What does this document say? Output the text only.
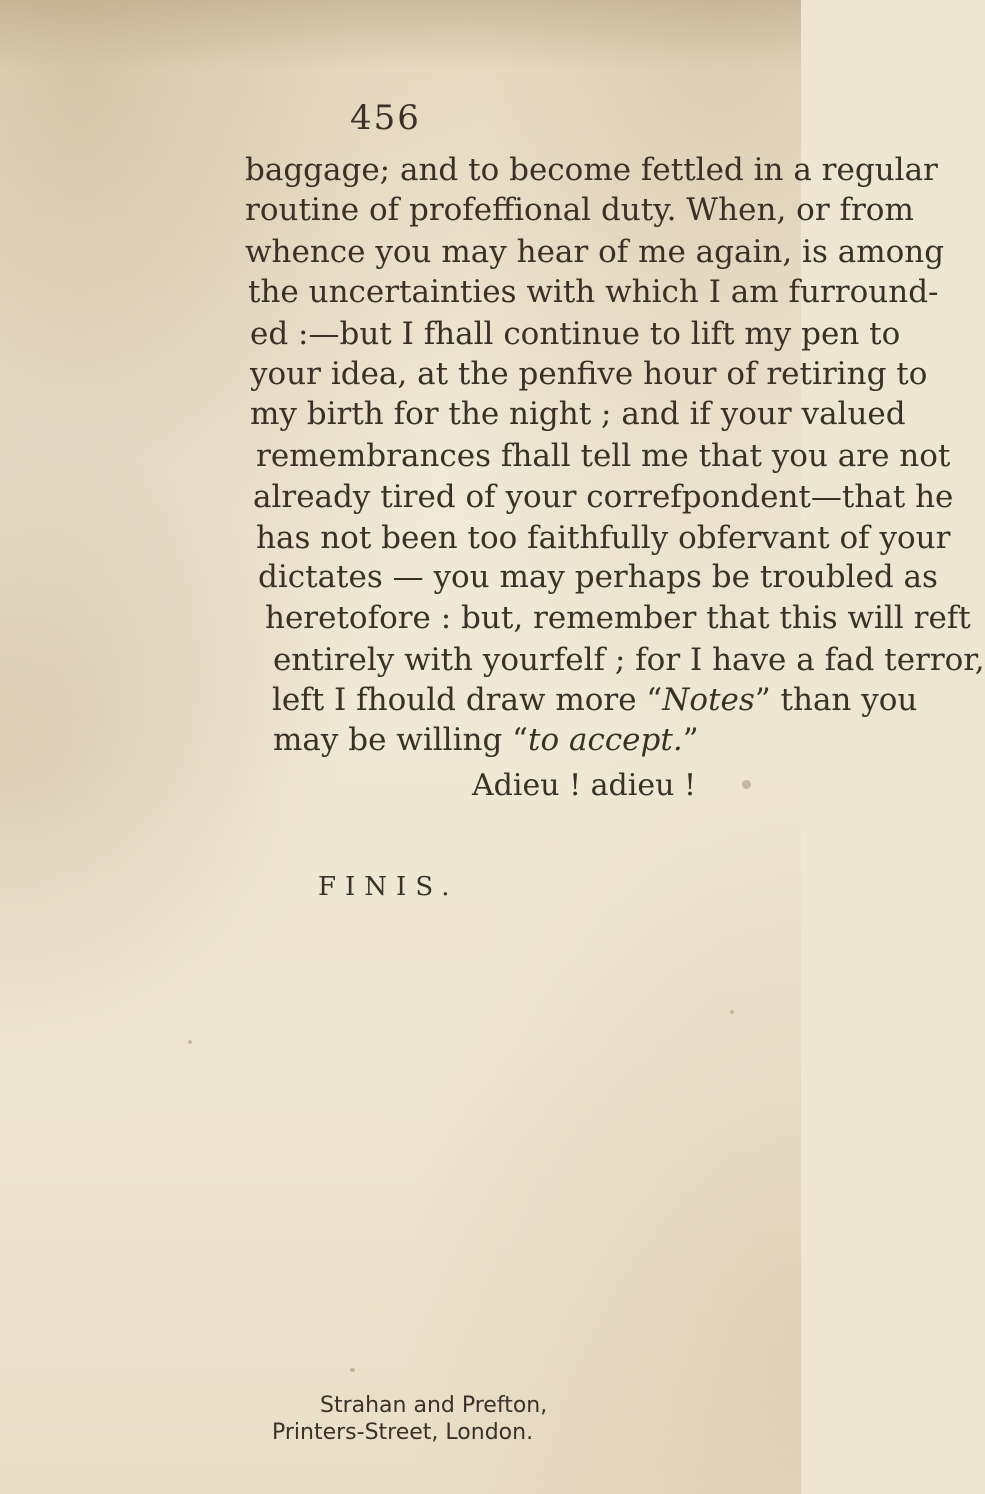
456
baggage; and to become fettled in a regular
routine of profeffional duty. When, or from
whence you may hear of me again, is among
the uncertainties with which I am furround-
ed :—but I fhall continue to lift my pen to
your idea, at the penfive hour of retiring to
my birth for the night ; and if your valued
remembrances fhall tell me that you are not
already tired of your correfpondent—that he
has not been too faithfully obfervant of your
dictates — you may perhaps be troubled as
heretofore : but, remember that this will reft
entirely with yourfelf ; for I have a fad terror,
left I fhould draw more “Notes” than you
may be willing “to accept.”
Adieu ! adieu !
FINIS.
Strahan and Prefton,
Printers-Street, London.
